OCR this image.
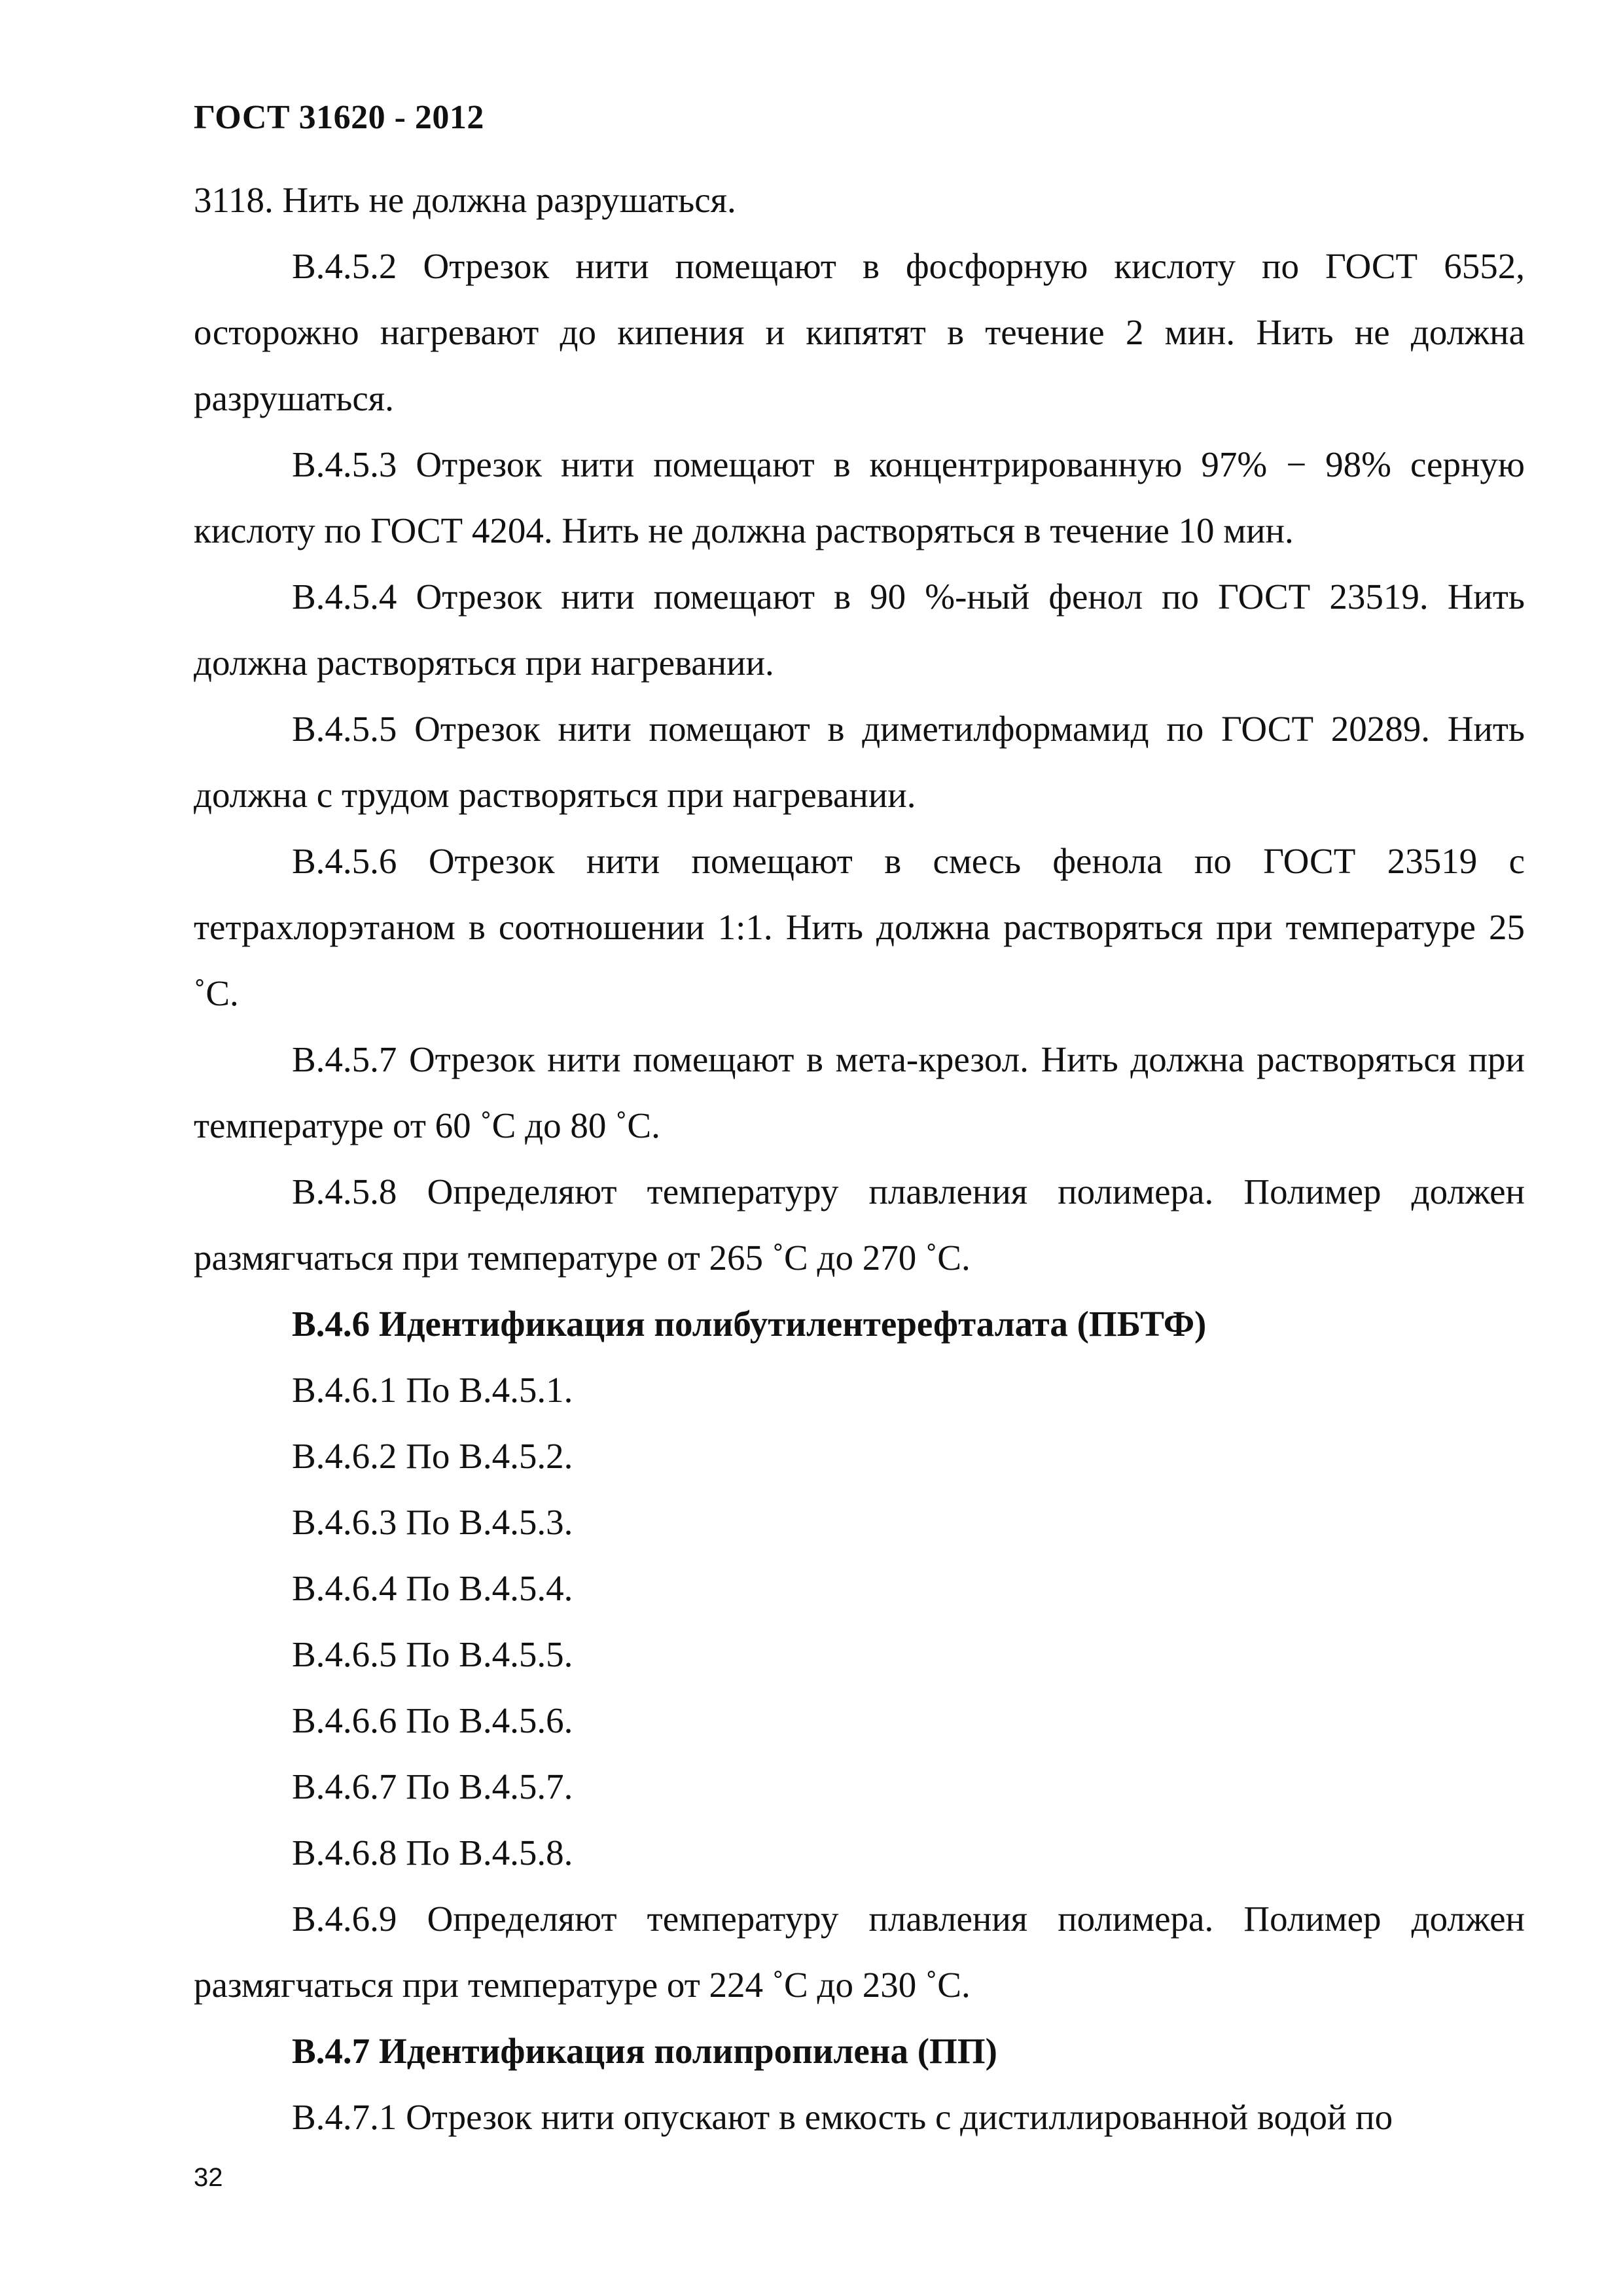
ГОСТ 31620 - 2012

3118. Нить не должна разрушаться.

В.4.5.2 Отрезок нити помещают в фосфорную кислоту по ГОСТ 6552, осторожно нагревают до кипения и кипятят в течение 2 мин. Нить не должна разрушаться.

В.4.5.3 Отрезок нити помещают в концентрированную 97% − 98% серную кислоту по ГОСТ 4204. Нить не должна растворяться в течение 10 мин.

В.4.5.4 Отрезок нити помещают в 90 %-ный фенол по ГОСТ 23519. Нить должна растворяться при нагревании.

В.4.5.5 Отрезок нити помещают в диметилформамид по ГОСТ 20289. Нить должна с трудом растворяться при нагревании.

В.4.5.6 Отрезок нити помещают в смесь фенола по ГОСТ 23519 с тетрахлорэтаном в соотношении 1:1. Нить должна растворяться при температуре 25 ˚С.

В.4.5.7 Отрезок нити помещают в мета-крезол. Нить должна растворяться при температуре от 60 ˚С до 80 ˚С.

В.4.5.8 Определяют температуру плавления полимера. Полимер должен размягчаться при температуре от 265 ˚С до 270 ˚С.

В.4.6 Идентификация полибутилентерефталата (ПБТФ)

В.4.6.1 По В.4.5.1.

В.4.6.2 По В.4.5.2.

В.4.6.3 По В.4.5.3.

В.4.6.4 По В.4.5.4.

В.4.6.5 По В.4.5.5.

В.4.6.6 По В.4.5.6.

В.4.6.7 По В.4.5.7.

В.4.6.8 По В.4.5.8.

В.4.6.9 Определяют температуру плавления полимера. Полимер должен размягчаться при температуре от 224 ˚С до 230 ˚С.

В.4.7 Идентификация полипропилена (ПП)

В.4.7.1 Отрезок нити опускают в емкость с дистиллированной водой по

32
